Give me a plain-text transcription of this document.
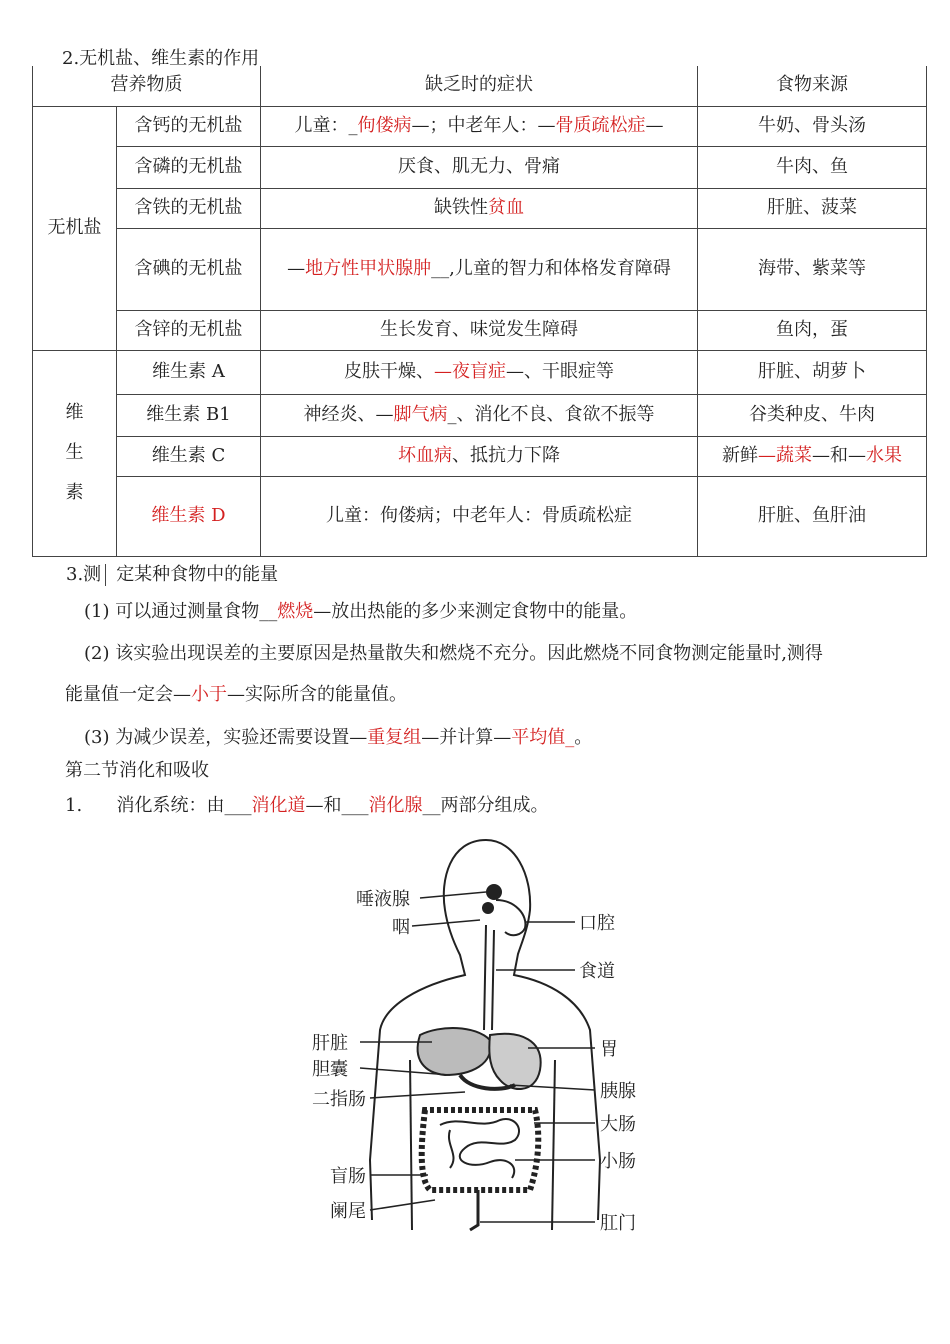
2.无机盐、维生素的作用
营养物质		缺乏时的症状	食物来源
无机盐	含钙的无机盐	儿童：_佝偻病—；中老年人：—骨质疏松症—	牛奶、骨头汤
	含磷的无机盐	厌食、肌无力、骨痛	牛肉、鱼
	含铁的无机盐	缺铁性贫血	肝脏、菠菜
	含碘的无机盐	—地方性甲状腺肿__,儿童的智力和体格发育障碍	海带、紫菜等
	含锌的无机盐	生长发育、味觉发生障碍	鱼肉，蛋
维
生
素	维生素 A	皮肤干燥、—夜盲症—、干眼症等	肝脏、胡萝卜
	维生素 B1	神经炎、—脚气病_、消化不良、食欲不振等	谷类种皮、牛肉
	维生素 C	坏血病、抵抗力下降	新鲜—蔬菜—和—水果
	维生素 D	儿童：佝偻病；中老年人：骨质疏松症	肝脏、鱼肝油
3.测 定某种食物中的能量
(1) 可以通过测量食物__燃烧—放出热能的多少来测定食物中的能量。
(2) 该实验出现误差的主要原因是热量散失和燃烧不充分。因此燃烧不同食物测定能量时,测得
能量值一定会—小于—实际所含的能量值。
(3) 为减少误差，实验还需要设置—重复组—并计算—平均值_。
第二节消化和吸收
1.      消化系统：由___消化道—和___消化腺__两部分组成。
唾液腺
咽	口腔
食道
肝脏	胃
胆囊
胰腺
二指肠
大肠
小肠
盲肠
阑尾
肛门
